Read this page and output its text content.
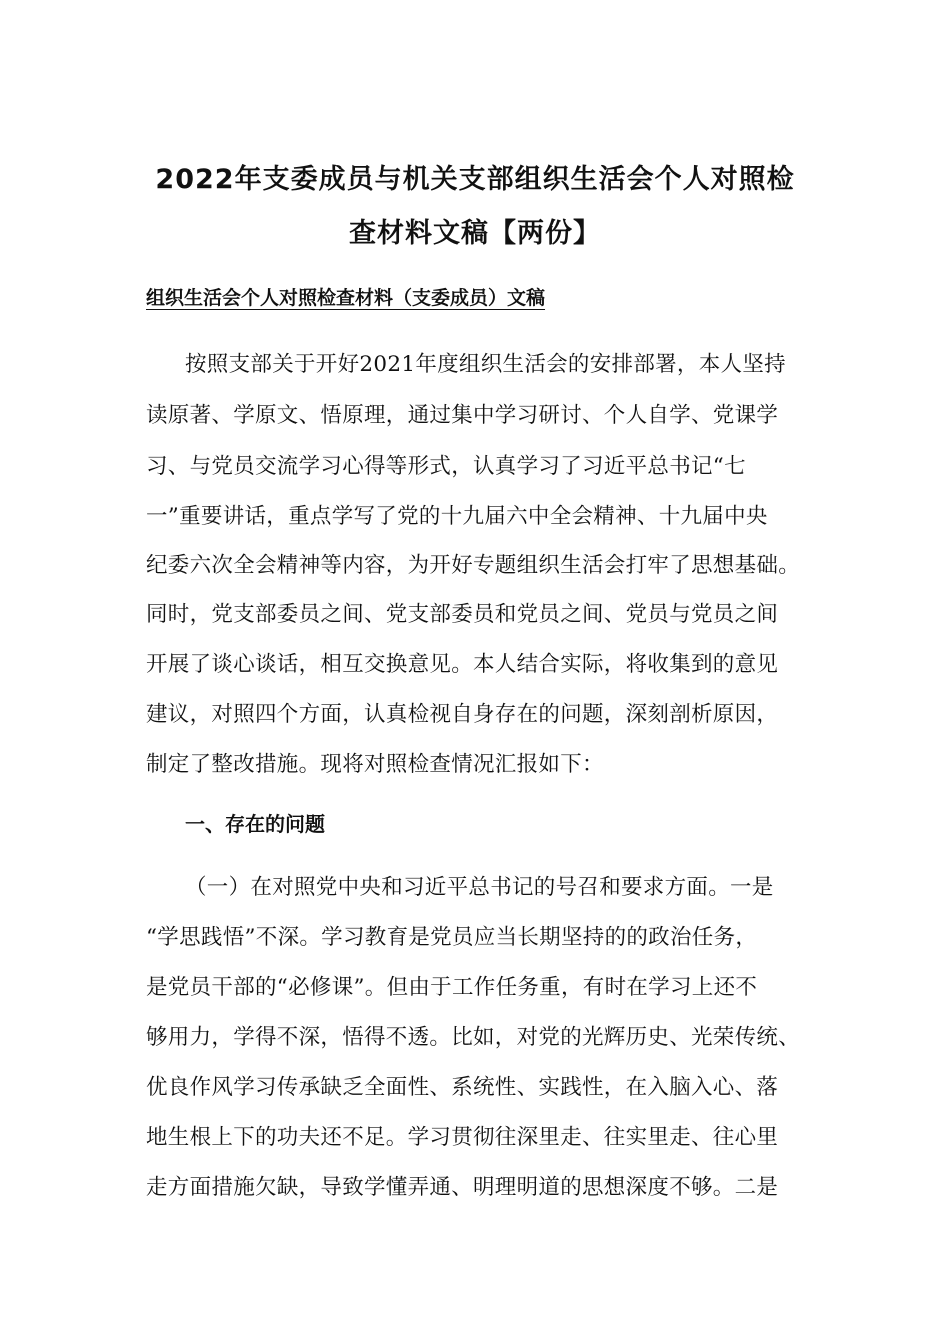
2022年支委成员与机关支部组织生活会个人对照检
查材料文稿【两份】
组织生活会个人对照检查材料（支委成员）文稿
按照支部关于开好2021年度组织生活会的安排部署，本人坚持
读原著、学原文、悟原理，通过集中学习研讨、个人自学、党课学
习、与党员交流学习心得等形式，认真学习了习近平总书记“七
一”重要讲话，重点学写了党的十九届六中全会精神、十九届中央
纪委六次全会精神等内容，为开好专题组织生活会打牢了思想基础。
同时，党支部委员之间、党支部委员和党员之间、党员与党员之间
开展了谈心谈话，相互交换意见。本人结合实际，将收集到的意见
建议，对照四个方面，认真检视自身存在的问题，深刻剖析原因，
制定了整改措施。现将对照检查情况汇报如下：
一、存在的问题
（一）在对照党中央和习近平总书记的号召和要求方面。一是
“学思践悟”不深。学习教育是党员应当长期坚持的的政治任务，
是党员干部的“必修课”。但由于工作任务重，有时在学习上还不
够用力，学得不深，悟得不透。比如，对党的光辉历史、光荣传统、
优良作风学习传承缺乏全面性、系统性、实践性，在入脑入心、落
地生根上下的功夫还不足。学习贯彻往深里走、往实里走、往心里
走方面措施欠缺，导致学懂弄通、明理明道的思想深度不够。二是
